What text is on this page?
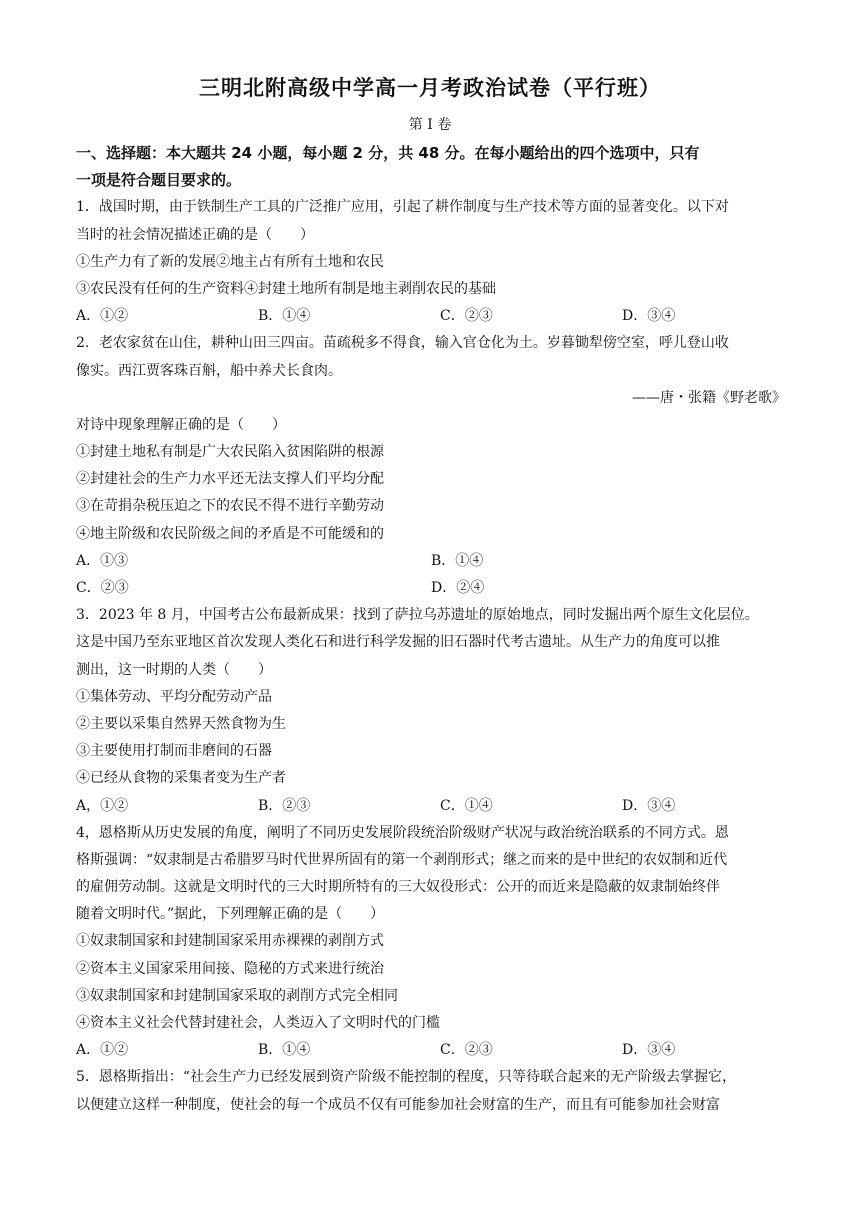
三明北附高级中学高一月考政治试卷（平行班）
第 I 卷
一、选择题：本大题共 24 小题，每小题 2 分，共 48 分。在每小题给出的四个选项中，只有
一项是符合题目要求的。
1．战国时期，由于铁制生产工具的广泛推广应用，引起了耕作制度与生产技术等方面的显著变化。以下对
当时的社会情况描述正确的是（　　）
①生产力有了新的发展②地主占有所有土地和农民
③农民没有任何的生产资料④封建土地所有制是地主剥削农民的基础
A．①②	B．①④	C．②③	D．③④
2．老农家贫在山住，耕种山田三四亩。苗疏税多不得食，输入官仓化为土。岁暮锄犁傍空室，呼儿登山收
像实。西江贾客珠百斛，船中养犬长食肉。
——唐・张籍《野老歌》
对诗中现象理解正确的是（　　）
①封建土地私有制是广大农民陷入贫困陷阱的根源
②封建社会的生产力水平还无法支撑人们平均分配
③在苛捐杂税压迫之下的农民不得不进行辛勤劳动
④地主阶级和农民阶级之间的矛盾是不可能缓和的
A．①③	B．①④
C．②③	D．②④
3．2023 年 8 月，中国考古公布最新成果：找到了萨拉乌苏遗址的原始地点，同时发掘出两个原生文化层位。
这是中国乃至东亚地区首次发现人类化石和进行科学发掘的旧石器时代考古遗址。从生产力的角度可以推
测出，这一时期的人类（　　）
①集体劳动、平均分配劳动产品
②主要以采集自然界天然食物为生
③主要使用打制而非磨间的石器
④已经从食物的采集者变为生产者
A，①②	B．②③	C．①④	D．③④
4，恩格斯从历史发展的角度，阐明了不同历史发展阶段统治阶级财产状况与政治统治联系的不同方式。恩
格斯强调：“奴隶制是古希腊罗马时代世界所固有的第一个剥削形式；继之而来的是中世纪的农奴制和近代
的雇佣劳动制。这就是文明时代的三大时期所特有的三大奴役形式：公开的而近来是隐蔽的奴隶制始终伴
随着文明时代。”据此，下列理解正确的是（　　）
①奴隶制国家和封建制国家采用赤裸裸的剥削方式
②资本主义国家采用间接、隐秘的方式来进行统治
③奴隶制国家和封建制国家采取的剥削方式完全相同
④资本主义社会代替封建社会，人类迈入了文明时代的门槛
A．①②	B．①④	C．②③	D．③④
5．恩格斯指出：“社会生产力已经发展到资产阶级不能控制的程度，只等待联合起来的无产阶级去掌握它，
以便建立这样一种制度，使社会的每一个成员不仅有可能参加社会财富的生产，而且有可能参加社会财富
